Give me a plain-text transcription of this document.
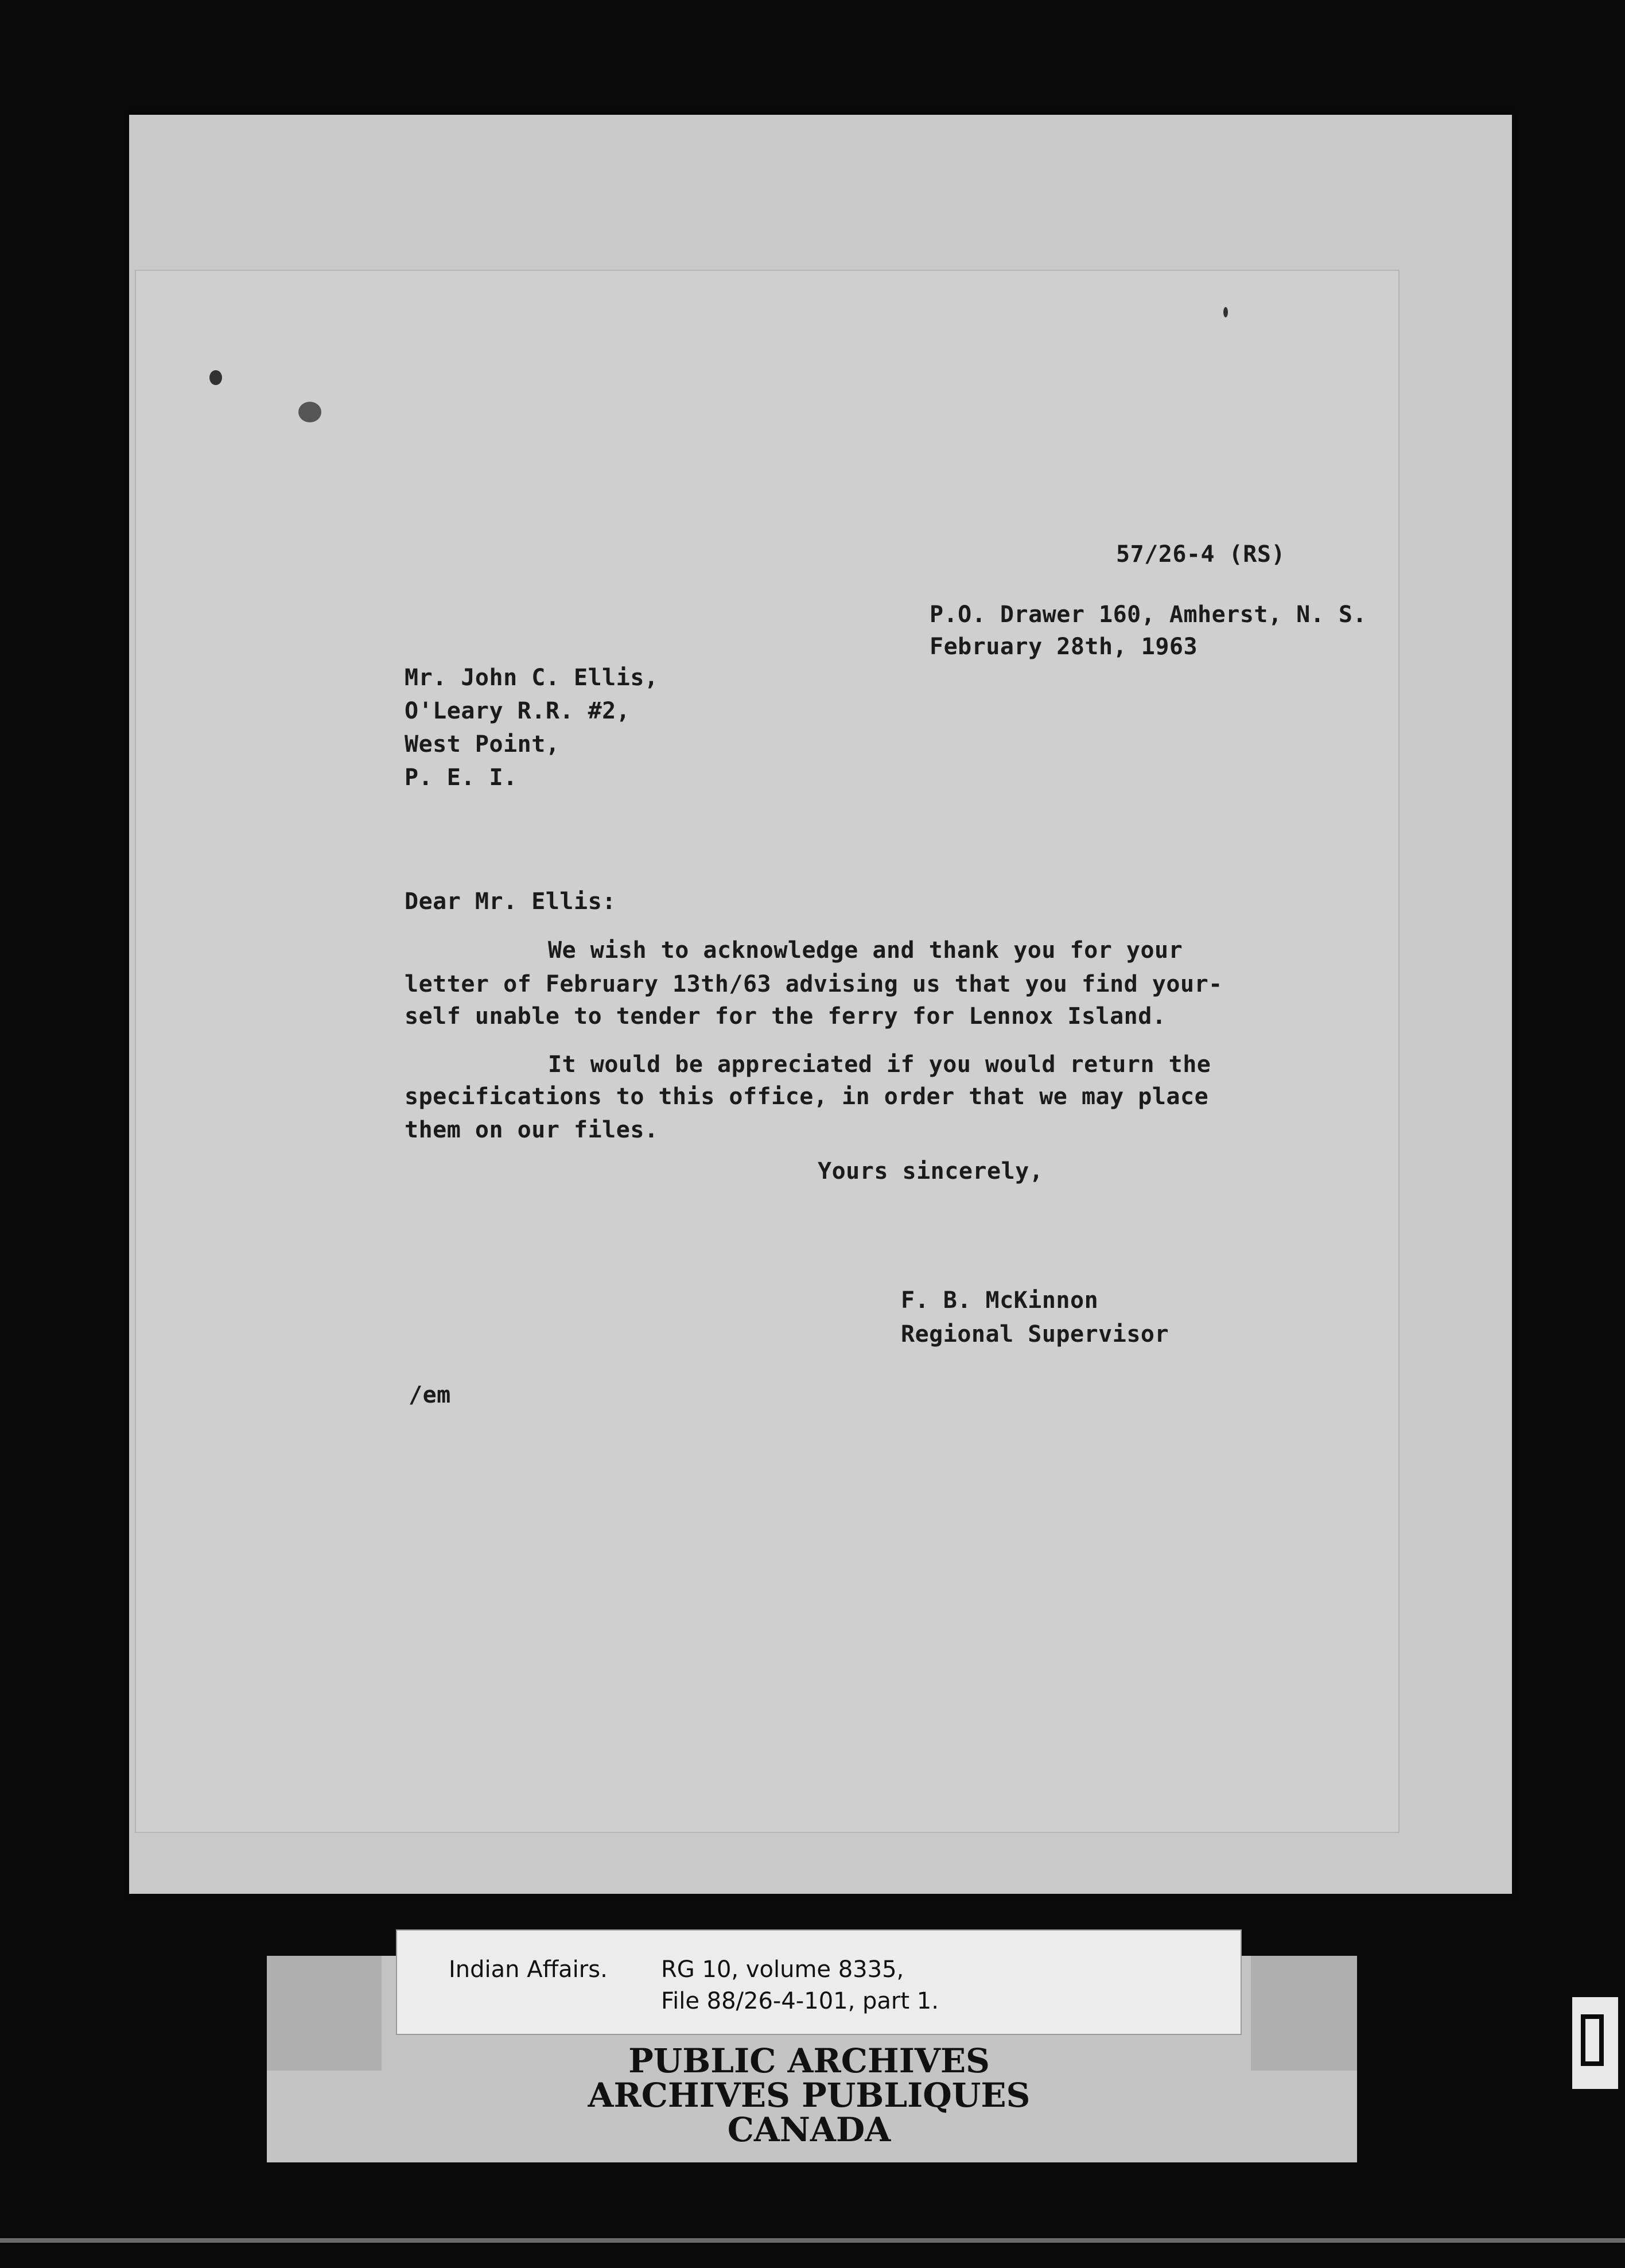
57/26-4 (RS)
P.O. Drawer 160, Amherst, N. S.
February 28th, 1963
Mr. John C. Ellis,
O'Leary R.R. #2,
West Point,
P. E. I.
Dear Mr. Ellis:
We wish to acknowledge and thank you for your
letter of February 13th/63 advising us that you find your-
self unable to tender for the ferry for Lennox Island.
It would be appreciated if you would return the
specifications to this office, in order that we may place
them on our files.
Yours sincerely,
F. B. McKinnon
Regional Supervisor
/em
Indian Affairs. RG 10, volume 8335,
File 88/26-4-101, part 1.
PUBLIC ARCHIVES
ARCHIVES PUBLIQUES
CANADA
